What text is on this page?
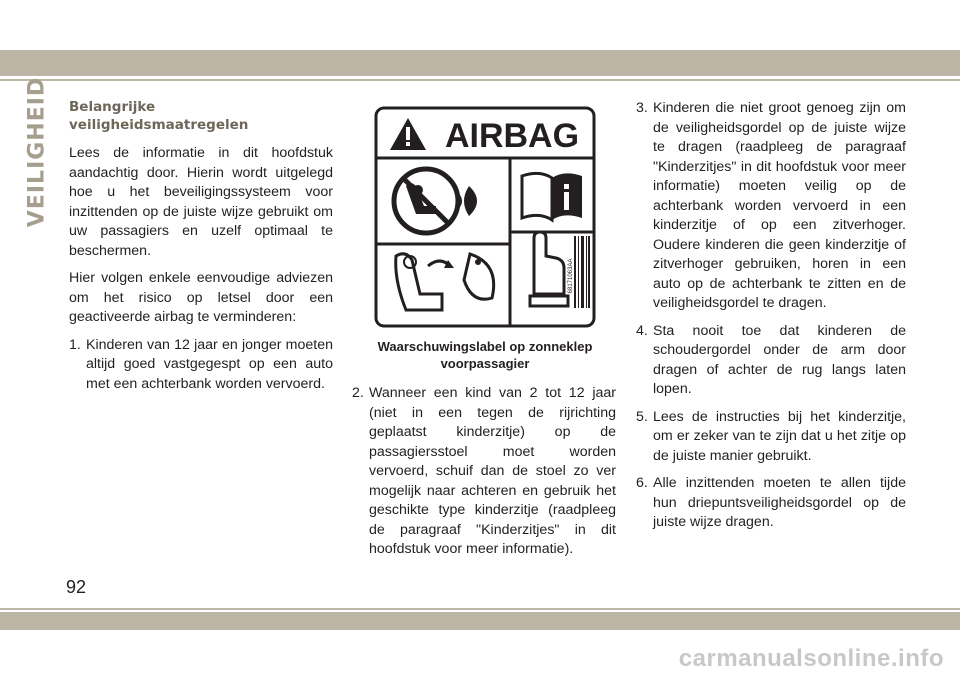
VEILIGHEID Belangrijke veiligheidsmaatregelen

Lees de informatie in dit hoofdstuk aandachtig door. Hierin wordt uitgelegd hoe u het beveiligingssysteem voor inzittenden op de juiste wijze gebruikt om uw passagiers en uzelf optimaal te beschermen.

Hier volgen enkele eenvoudige adviezen om het risico op letsel door een geactiveerde airbag te verminderen:

1. Kinderen van 12 jaar en jonger moeten altijd goed vastgegespt op een auto met een achterbank worden vervoerd.
AIRBAG
68171063AA
Waarschuwingslabel op zonneklep
voorpassagier
2. Wanneer een kind van 2 tot 12 jaar (niet in een tegen de rijrichting geplaatst kinderzitje) op de passagiersstoel moet worden vervoerd, schuif dan de stoel zo ver mogelijk naar achteren en gebruik het geschikte type kinderzitje (raadpleeg de paragraaf "Kinderzitjes" in dit hoofdstuk voor meer informatie).
3. Kinderen die niet groot genoeg zijn om de veiligheidsgordel op de juiste wijze te dragen (raadpleeg de paragraaf "Kinderzitjes" in dit hoofdstuk voor meer informatie) moeten veilig op de achterbank worden vervoerd in een kinderzitje of op een zitverhoger. Oudere kinderen die geen kinderzitje of zitverhoger gebruiken, horen in een auto op de achterbank te zitten en de veiligheidsgordel te dragen.
4. Sta nooit toe dat kinderen de schoudergordel onder de arm door dragen of achter de rug langs laten lopen.
5. Lees de instructies bij het kinderzitje, om er zeker van te zijn dat u het zitje op de juiste manier gebruikt.
6. Alle inzittenden moeten te allen tijde hun driepuntsveiligheidsgordel op de juiste wijze dragen.
92
carmanualsonline.info
